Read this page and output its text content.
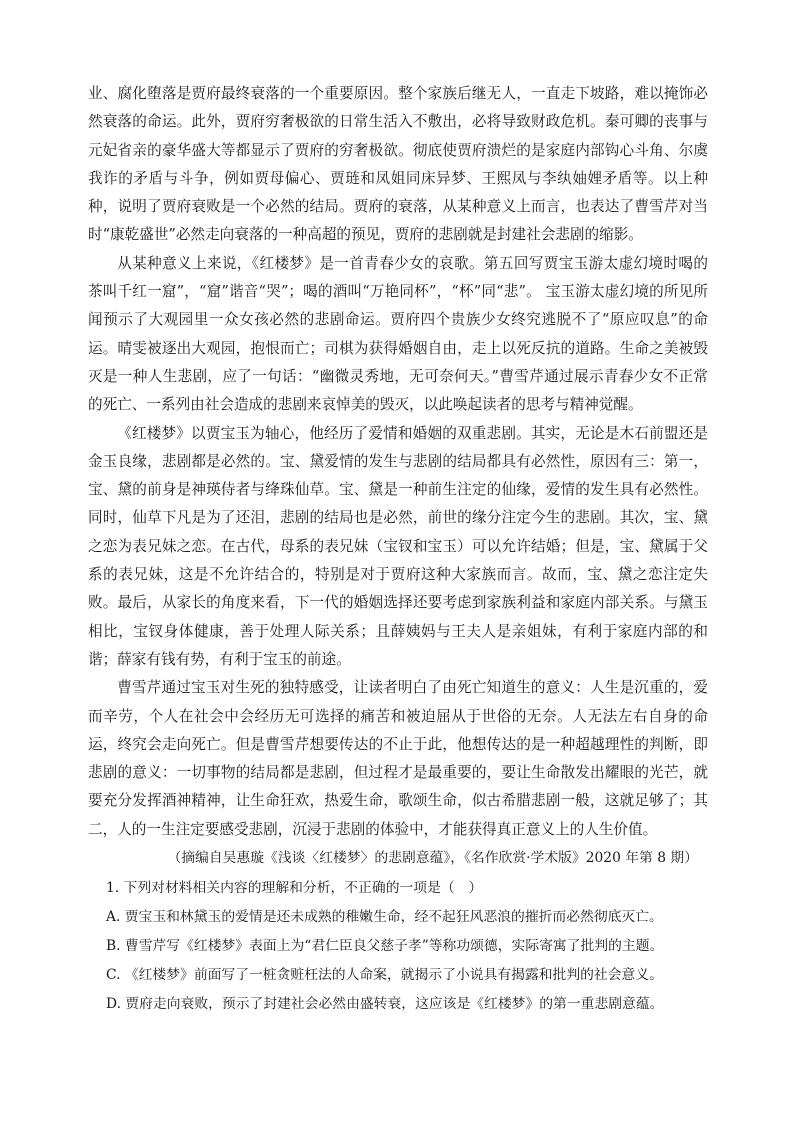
业、腐化堕落是贾府最终衰落的一个重要原因。整个家族后继无人，一直走下坡路，难以掩饰必然衰落的命运。此外，贾府穷奢极欲的日常生活入不敷出，必将导致财政危机。秦可卿的丧事与元妃省亲的豪华盛大等都显示了贾府的穷奢极欲。彻底使贾府溃烂的是家庭内部钩心斗角、尔虞我诈的矛盾与斗争，例如贾母偏心、贾琏和凤姐同床异梦、王熙凤与李纨妯娌矛盾等。以上种种，说明了贾府衰败是一个必然的结局。贾府的衰落，从某种意义上而言，也表达了曹雪芹对当时“康乾盛世”必然走向衰落的一种高超的预见，贾府的悲剧就是封建社会悲剧的缩影。

从某种意义上来说，《红楼梦》是一首青春少女的哀歌。第五回写贾宝玉游太虚幻境时喝的茶叫千红一窟”，“窟”谐音“哭”；喝的酒叫“万艳同杯”，“杯”同“悲”。 宝玉游太虚幻境的所见所闻预示了大观园里一众女孩必然的悲剧命运。贾府四个贵族少女终究逃脱不了“原应叹息”的命运。晴雯被逐出大观园，抱恨而亡；司棋为获得婚姻自由，走上以死反抗的道路。生命之美被毁灭是一种人生悲剧，应了一句话：“幽微灵秀地，无可奈何天。”曹雪芹通过展示青春少女不正常的死亡、一系列由社会造成的悲剧来哀悼美的毁灭，以此唤起读者的思考与精神觉醒。

《红楼梦》以贾宝玉为轴心，他经历了爱情和婚姻的双重悲剧。其实，无论是木石前盟还是金玉良缘，悲剧都是必然的。宝、黛爱情的发生与悲剧的结局都具有必然性，原因有三：第一，宝、黛的前身是神瑛侍者与绛珠仙草。宝、黛是一种前生注定的仙缘，爱情的发生具有必然性。同时，仙草下凡是为了还泪，悲剧的结局也是必然，前世的缘分注定今生的悲剧。其次，宝、黛之恋为表兄妹之恋。在古代，母系的表兄妹（宝钗和宝玉）可以允许结婚；但是，宝、黛属于父系的表兄妹，这是不允许结合的，特别是对于贾府这种大家族而言。故而，宝、黛之恋注定失败。最后，从家长的角度来看，下一代的婚姻选择还要考虑到家族利益和家庭内部关系。与黛玉相比，宝钗身体健康，善于处理人际关系；且薛姨妈与王夫人是亲姐妹，有利于家庭内部的和谐；薛家有钱有势，有利于宝玉的前途。

曹雪芹通过宝玉对生死的独特感受，让读者明白了由死亡知道生的意义：人生是沉重的，爱而辛劳，个人在社会中会经历无可选择的痛苦和被迫屈从于世俗的无奈。人无法左右自身的命运，终究会走向死亡。但是曹雪芹想要传达的不止于此，他想传达的是一种超越理性的判断，即悲剧的意义：一切事物的结局都是悲剧，但过程才是最重要的，要让生命散发出耀眼的光芒，就要充分发挥酒神精神，让生命狂欢，热爱生命，歌颂生命，似古希腊悲剧一般，这就足够了；其二，人的一生注定要感受悲剧，沉浸于悲剧的体验中，才能获得真正意义上的人生价值。

（摘编自吴惠璇《浅谈〈红楼梦〉的悲剧意蕴》，《名作欣赏·学术版》2020 年第 8 期）

1. 下列对材料相关内容的理解和分析，不正确的一项是（　）

A. 贾宝玉和林黛玉的爱情是还未成熟的稚嫩生命，经不起狂风恶浪的摧折而必然彻底灭亡。

B. 曹雪芹写《红楼梦》表面上为“君仁臣良父慈子孝”等称功颂德，实际寄寓了批判的主题。

C. 《红楼梦》前面写了一桩贪赃枉法的人命案，就揭示了小说具有揭露和批判的社会意义。

D. 贾府走向衰败，预示了封建社会必然由盛转衰，这应该是《红楼梦》的第一重悲剧意蕴。
